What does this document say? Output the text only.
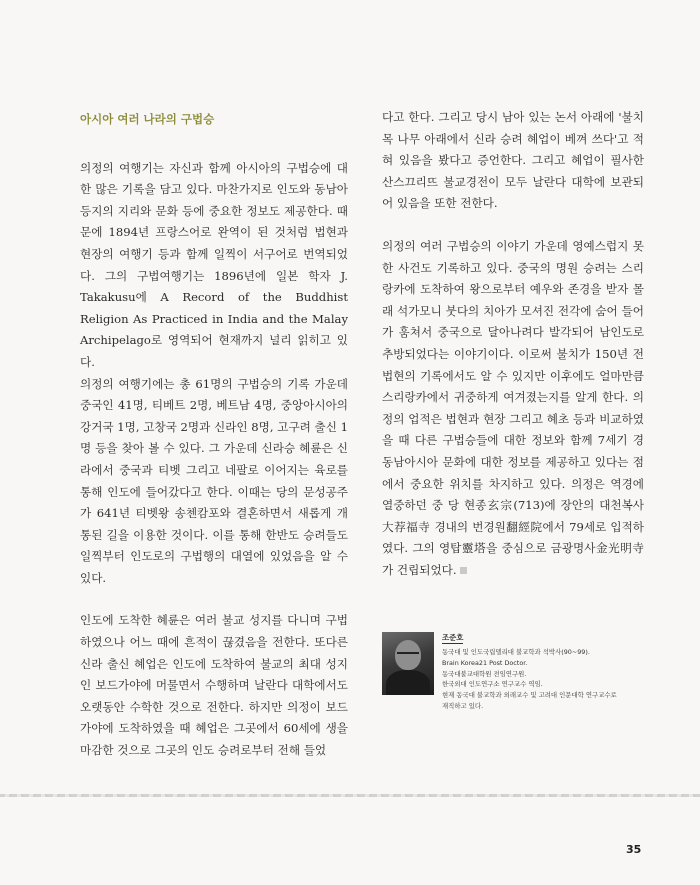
아시아 여러 나라의 구법승

의정의 여행기는 자신과 함께 아시아의 구법승에 대한 많은 기록을 담고 있다. 마찬가지로 인도와 동남아 등지의 지리와 문화 등에 중요한 정보도 제공한다. 때문에 1894년 프랑스어로 완역이 된 것처럼 법현과 현장의 여행기 등과 함께 일찍이 서구어로 번역되었다. 그의 구법여행기는 1896년에 일본 학자 J. Takakusu에 A Record of the Buddhist Religion As Practiced in India and the Malay Archipelago로 영역되어 현재까지 널리 읽히고 있다.

의정의 여행기에는 총 61명의 구법승의 기록 가운데 중국인 41명, 티베트 2명, 베트남 4명, 중앙아시아의 강거국 1명, 고창국 2명과 신라인 8명, 고구려 출신 1명 등을 찾아 볼 수 있다. 그 가운데 신라승 혜륜은 신라에서 중국과 티벳 그리고 네팔로 이어지는 육로를 통해 인도에 들어갔다고 한다. 이때는 당의 문성공주가 641년 티벳왕 송첸캄포와 결혼하면서 새롭게 개통된 길을 이용한 것이다. 이를 통해 한반도 승려들도 일찍부터 인도로의 구법행의 대열에 있었음을 알 수 있다.

인도에 도착한 혜륜은 여러 불교 성지를 다니며 구법하였으나 어느 때에 흔적이 끊겼음을 전한다. 또다른 신라 출신 혜업은 인도에 도착하여 불교의 최대 성지인 보드가야에 머물면서 수행하며 날란다 대학에서도 오랫동안 수학한 것으로 전한다. 하지만 의정이 보드가야에 도착하였을 때 혜업은 그곳에서 60세에 생을 마감한 것으로 그곳의 인도 승려로부터 전해 들었

다고 한다. 그리고 당시 남아 있는 논서 아래에 '불치목 나무 아래에서 신라 승려 혜업이 베껴 쓰다'고 적혀 있음을 봤다고 증언한다. 그리고 혜업이 필사한 산스끄리뜨 불교경전이 모두 날란다 대학에 보관되어 있음을 또한 전한다.

의정의 여러 구법승의 이야기 가운데 영예스럽지 못한 사건도 기록하고 있다. 중국의 명원 승려는 스리랑카에 도착하여 왕으로부터 예우와 존경을 받자 몰래 석가모니 붓다의 치아가 모셔진 전각에 숨어 들어가 훔쳐서 중국으로 달아나려다 발각되어 남인도로 추방되었다는 이야기이다. 이로써 불치가 150년 전 법현의 기록에서도 알 수 있지만 이후에도 얼마만큼 스리랑카에서 귀중하게 여겨졌는지를 알게 한다. 의정의 업적은 법현과 현장 그리고 혜초 등과 비교하였을 때 다른 구법승들에 대한 정보와 함께 7세기 경 동남아시아 문화에 대한 정보를 제공하고 있다는 점에서 중요한 위치를 차지하고 있다. 의정은 역경에 열중하던 중 당 현종玄宗(713)에 장안의 대천복사大荐福寺 경내의 번경원翻經院에서 79세로 입적하였다. 그의 영탑靈塔을 중심으로 금광명사金光明寺가 건립되었다.

조준호
동국대 및 인도국립델리대 불교학과 석박사(90~99).
Brain Korea21 Post Doctor.
동국대불교대학원 전임연구원.
한국외대 인도연구소 연구교수 역임.
현재 동국대 불교학과 외래교수 및 고려대 인문대학 연구교수로
재직하고 있다.
35
